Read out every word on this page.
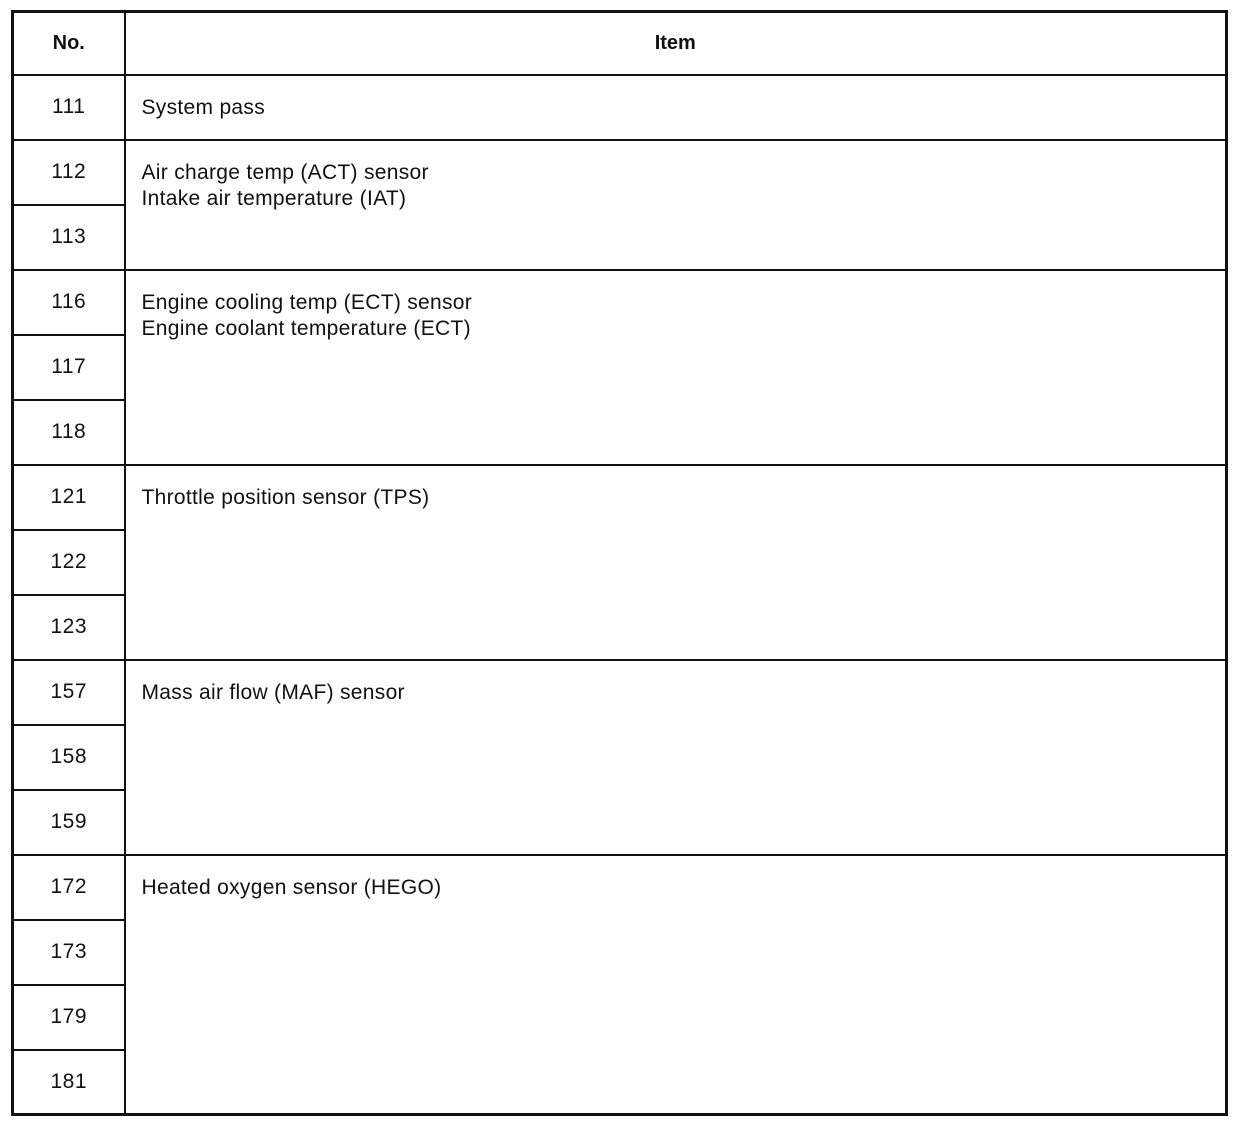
No.	Item
111	System pass

112	Air charge temp (ACT) sensor
Intake air temperature (IAT)

113	
116	Engine cooling temp (ECT) sensor
Engine coolant temperature (ECT)

117	
118	
121	Throttle position sensor (TPS)

122	
123	
157	Mass air flow (MAF) sensor

158	
159	
172	Heated oxygen sensor (HEGO)

173	
179	
181	
